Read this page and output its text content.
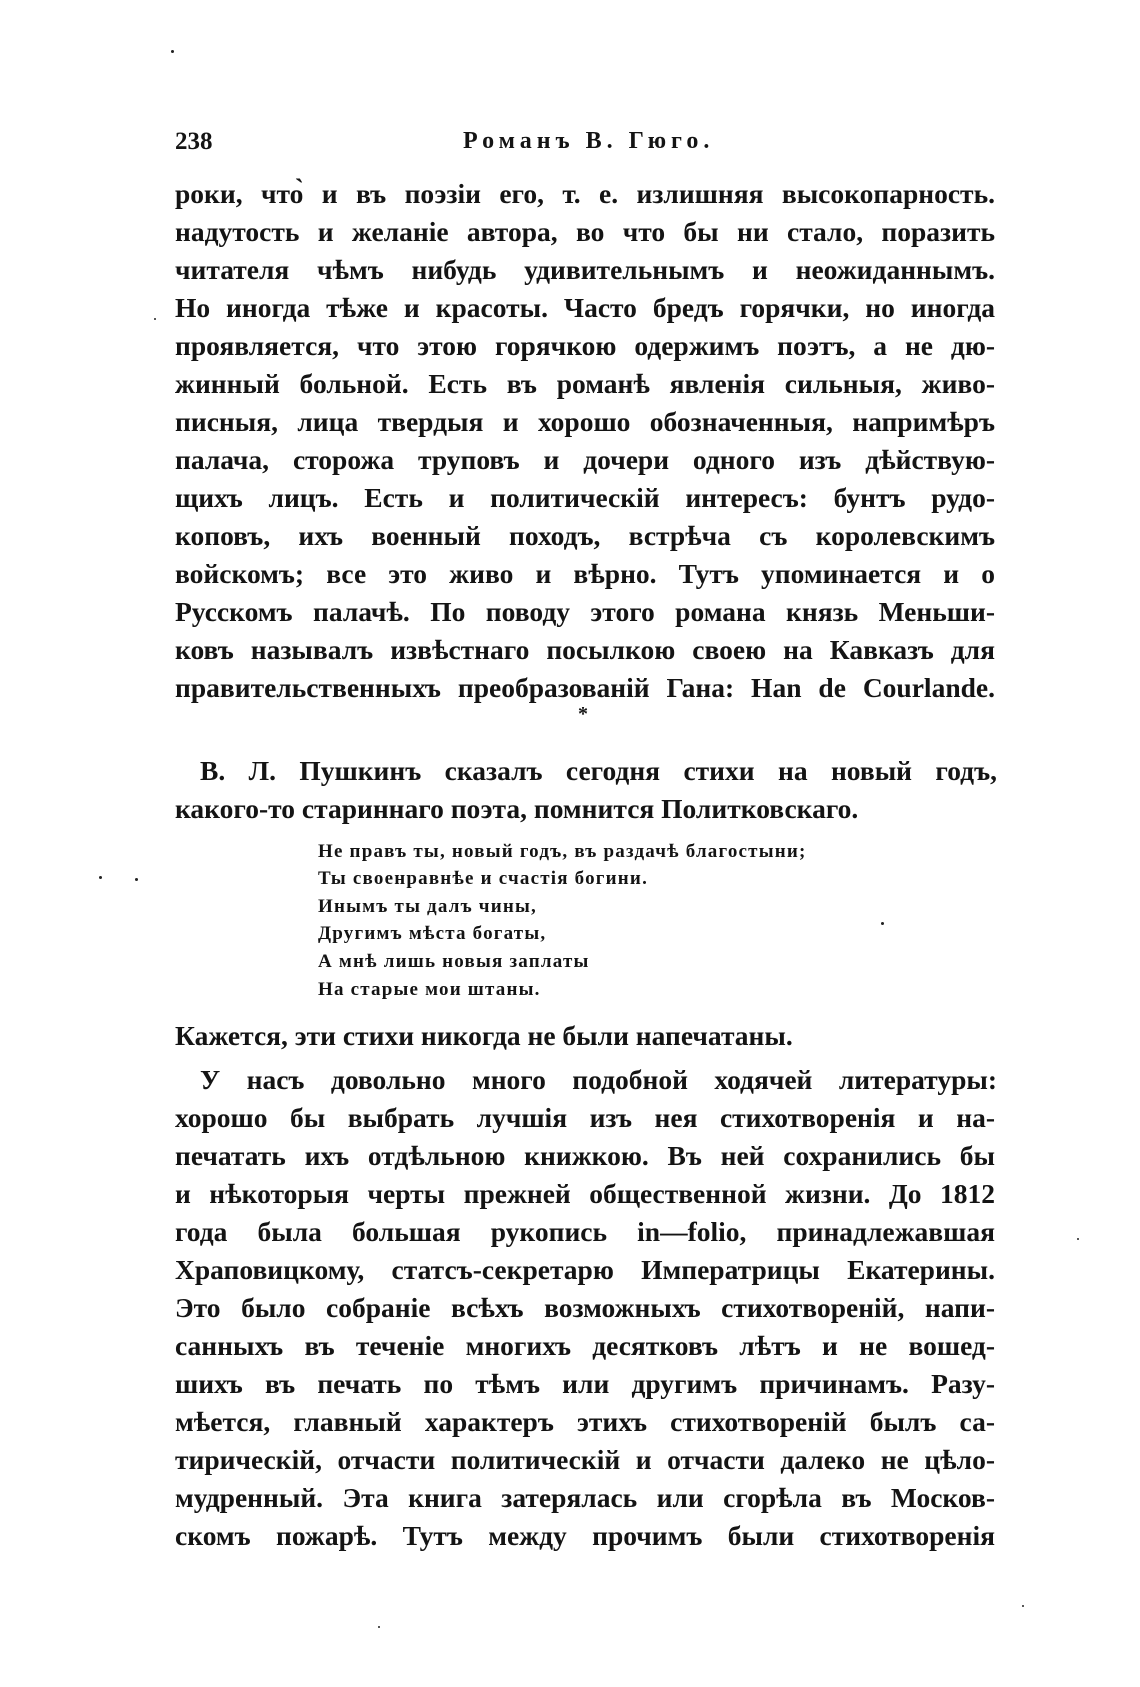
238	Романъ В. Гюго.
роки, что̀ и въ поэзіи его, т. е. излишняя высокопарность.
надутость и желаніе автора, во что бы ни стало, поразить
читателя чѣмъ нибудь удивительнымъ и неожиданнымъ.
Но иногда тѣже и красоты. Часто бредъ горячки, но иногда
проявляется, что этою горячкою одержимъ поэтъ, а не дю-
жинный больной. Есть въ романѣ явленія сильныя, живо-
писныя, лица твердыя и хорошо обозначенныя, напримѣръ
палача, сторожа труповъ и дочери одного изъ дѣйствую-
щихъ лицъ. Есть и политическій интересъ: бунтъ рудо-
коповъ, ихъ военный походъ, встрѣча съ королевскимъ
войскомъ; все это живо и вѣрно. Тутъ упоминается и о
Русскомъ палачѣ. По поводу этого романа князь Меньши-
ковъ называлъ извѣстнаго посылкою своею на Кавказъ для
правительственныхъ преобразованій Гана: Han de Courlande.
*
В. Л. Пушкинъ сказалъ сегодня стихи на новый годъ,
какого-то стариннаго поэта, помнится Политковскаго.
Не правъ ты, новый годъ, въ раздачѣ благостыни;
Ты своенравнѣе и счастія богини.
Инымъ ты далъ чины,
Другимъ мѣста богаты,
А мнѣ лишь новыя заплаты
На старые мои штаны.
Кажется, эти стихи никогда не были напечатаны.
У насъ довольно много подобной ходячей литературы:
хорошо бы выбрать лучшія изъ нея стихотворенія и на-
печатать ихъ отдѣльною книжкою. Въ ней сохранились бы
и нѣкоторыя черты прежней общественной жизни. До 1812
года была большая рукопись in—folio, принадлежавшая
Храповицкому, статсъ-секретарю Императрицы Екатерины.
Это было собраніе всѣхъ возможныхъ стихотвореній, напи-
санныхъ въ теченіе многихъ десятковъ лѣтъ и не вошед-
шихъ въ печать по тѣмъ или другимъ причинамъ. Разу-
мѣется, главный характеръ этихъ стихотвореній былъ са-
тирическій, отчасти политическій и отчасти далеко не цѣло-
мудренный. Эта книга затерялась или сгорѣла въ Москов-
скомъ пожарѣ. Тутъ между прочимъ были стихотворенія
